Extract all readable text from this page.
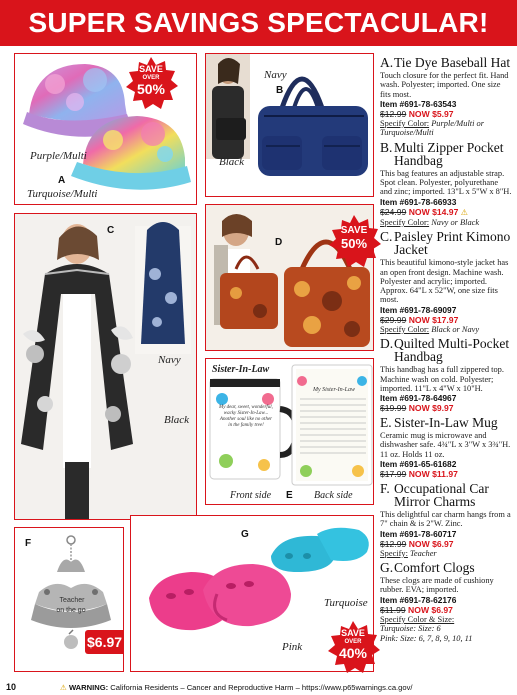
SUPER SAVINGS SPECTACULAR!
Purple/Multi
A
Turquoise/Multi
SAVE
OVER
50%
Navy
B
Black
C
Navy
Black
D
SAVE
50%
Sister-In-Law
My dear, sweet, wonderful, wacky Sister-In-Law... Another soul like no other in the family tree!
My Sister-In-Law
Front side E Back side
F
Teacher
on the go
$6.97
G
Turquoise
Pink
SAVE
OVER
40%
A. Tie Dye Baseball Hat
Touch closure for the perfect fit. Hand wash. Polyester; imported. One size fits most.
Item #691-78-63543
$12.99 NOW $5.97
Specify Color: Purple/Multi or Turquoise/Multi
B. Multi Zipper Pocket Handbag
This bag features an adjustable strap. Spot clean. Polyester, polyurethane and zinc; imported. 13"L x 5"W x 8"H.
Item #691-78-66933
$24.99 NOW $14.97 ⚠
Specify Color: Navy or Black
C. Paisley Print Kimono Jacket
This beautiful kimono-style jacket has an open front design. Machine wash. Polyester and acrylic; imported. Approx. 64"L x 52"W, one size fits most.
Item #691-78-69097
$29.99 NOW $17.97
Specify Color: Black or Navy
D. Quilted Multi-Pocket Handbag
This handbag has a full zippered top. Machine wash on cold. Polyester; imported. 11"L x 4"W x 10"H.
Item #691-78-64967
$19.99 NOW $9.97
E. Sister-In-Law Mug
Ceramic mug is microwave and dishwasher safe. 4¾"L x 3"W x 3¾"H. 11 oz. Holds 11 oz.
Item #691-65-61682
$17.99 NOW $11.97
F. Occupational Car Mirror Charms
This delightful car charm hangs from a 7" chain & is 2"W. Zinc.
Item #691-78-60717
$12.99 NOW $6.97
Specify: Teacher
G. Comfort Clogs
These clogs are made of cushiony rubber. EVA; imported.
Item #691-78-62176
$11.99 NOW $6.97
Specify Color & Size:
Turquoise: Size: 6
Pink: Size: 6, 7, 8, 9, 10, 11
10	⚠ WARNING: California Residents – Cancer and Reproductive Harm – https://www.p65warnings.ca.gov/
